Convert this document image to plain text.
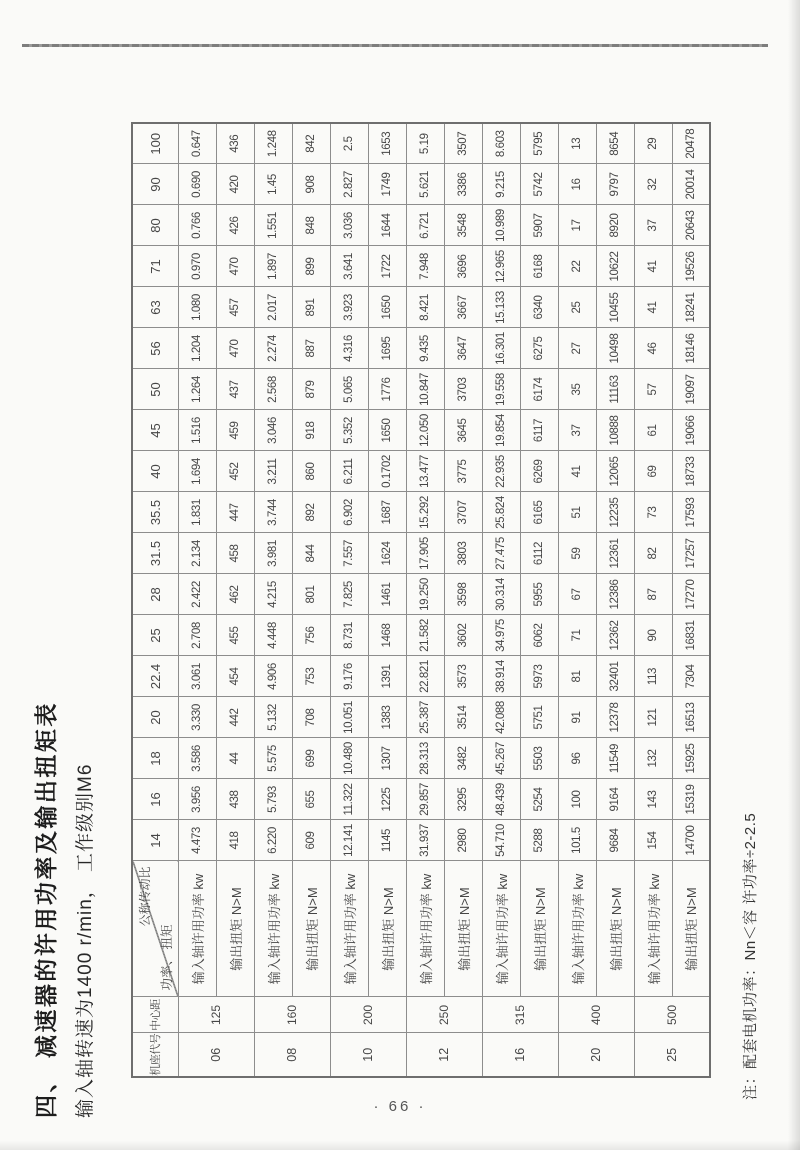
四、 减速器的许用功率及输出扭矩表 输入轴转速为1400 r/min， 工作级别M6	机座代号	中心距	公称传动比
功率、 扭矩	14	16	18	20	22.4	25	28	31.5	35.5	40	45	50	56	63	71	80	90	100
06	125	输入轴许用功率 kw	4.473	3.956	3.586	3.330	3.061	2.708	2.422	2.134	1.831	1.694	1.516	1.264	1.204	1.080	0.970	0.766	0.690	0.647
		输出扭矩 N>M	418	438	44	442	454	455	462	458	447	452	459	437	470	457	470	426	420	436
08	160	输入轴许用功率 kw	6.220	5.793	5.575	5.132	4.906	4.448	4.215	3.981	3.744	3.211	3.046	2.568	2.274	2.017	1.897	1.551	1.45	1.248
		输出扭矩 N>M	609	655	699	708	753	756	801	844	892	860	918	879	887	891	899	848	908	842
10	200	输入轴许用功率 kw	12.141	11.322	10.480	10.051	9.176	8.731	7.825	7.557	6.902	6.211	5.352	5.065	4.316	3.923	3.641	3.036	2.827	2.5
		输出扭矩 N>M	1145	1225	1307	1383	1391	1468	1461	1624	1687	0.1702	1650	1776	1695	1650	1722	1644	1749	1653
12	250	输入轴许用功率 kw	31.937	29.857	28.313	25.387	22.821	21.582	19.250	17.905	15.292	13.477	12.050	10.847	9.435	8.421	7.948	6.721	5.621	5.19
		输出扭矩 N>M	2980	3295	3482	3514	3573	3602	3598	3803	3707	3775	3645	3703	3647	3667	3696	3548	3386	3507
16	315	输入轴许用功率 kw	54.710	48.439	45.267	42.088	38.914	34.975	30.314	27.475	25.824	22.935	19.854	19.558	16.301	15.133	12.965	10.989	9.215	8.603
		输出扭矩 N>M	5288	5254	5503	5751	5973	6062	5955	6112	6165	6269	6117	6174	6275	6340	6168	5907	5742	5795
20	400	输入轴许用功率 kw	101.5	100	96	91	81	71	67	59	51	41	37	35	27	25	22	17	16	13
		输出扭矩 N>M	9684	9164	11549	12378	32401	12362	12386	12361	12235	12065	10888	11163	10498	10455	10622	8920	9797	8654
25	500	输入轴许用功率 kw	154	143	132	121	113	90	87	82	73	69	61	57	46	41	41	37	32	29
		输出扭矩 N>M	14700	15319	15925	16513	7304	16831	17270	17257	17593	18733	19066	19097	18146	18241	19526	20643	20014	20478
注：配套电机功率：Nn＜容 许功率÷2-2.5
· 66 ·
